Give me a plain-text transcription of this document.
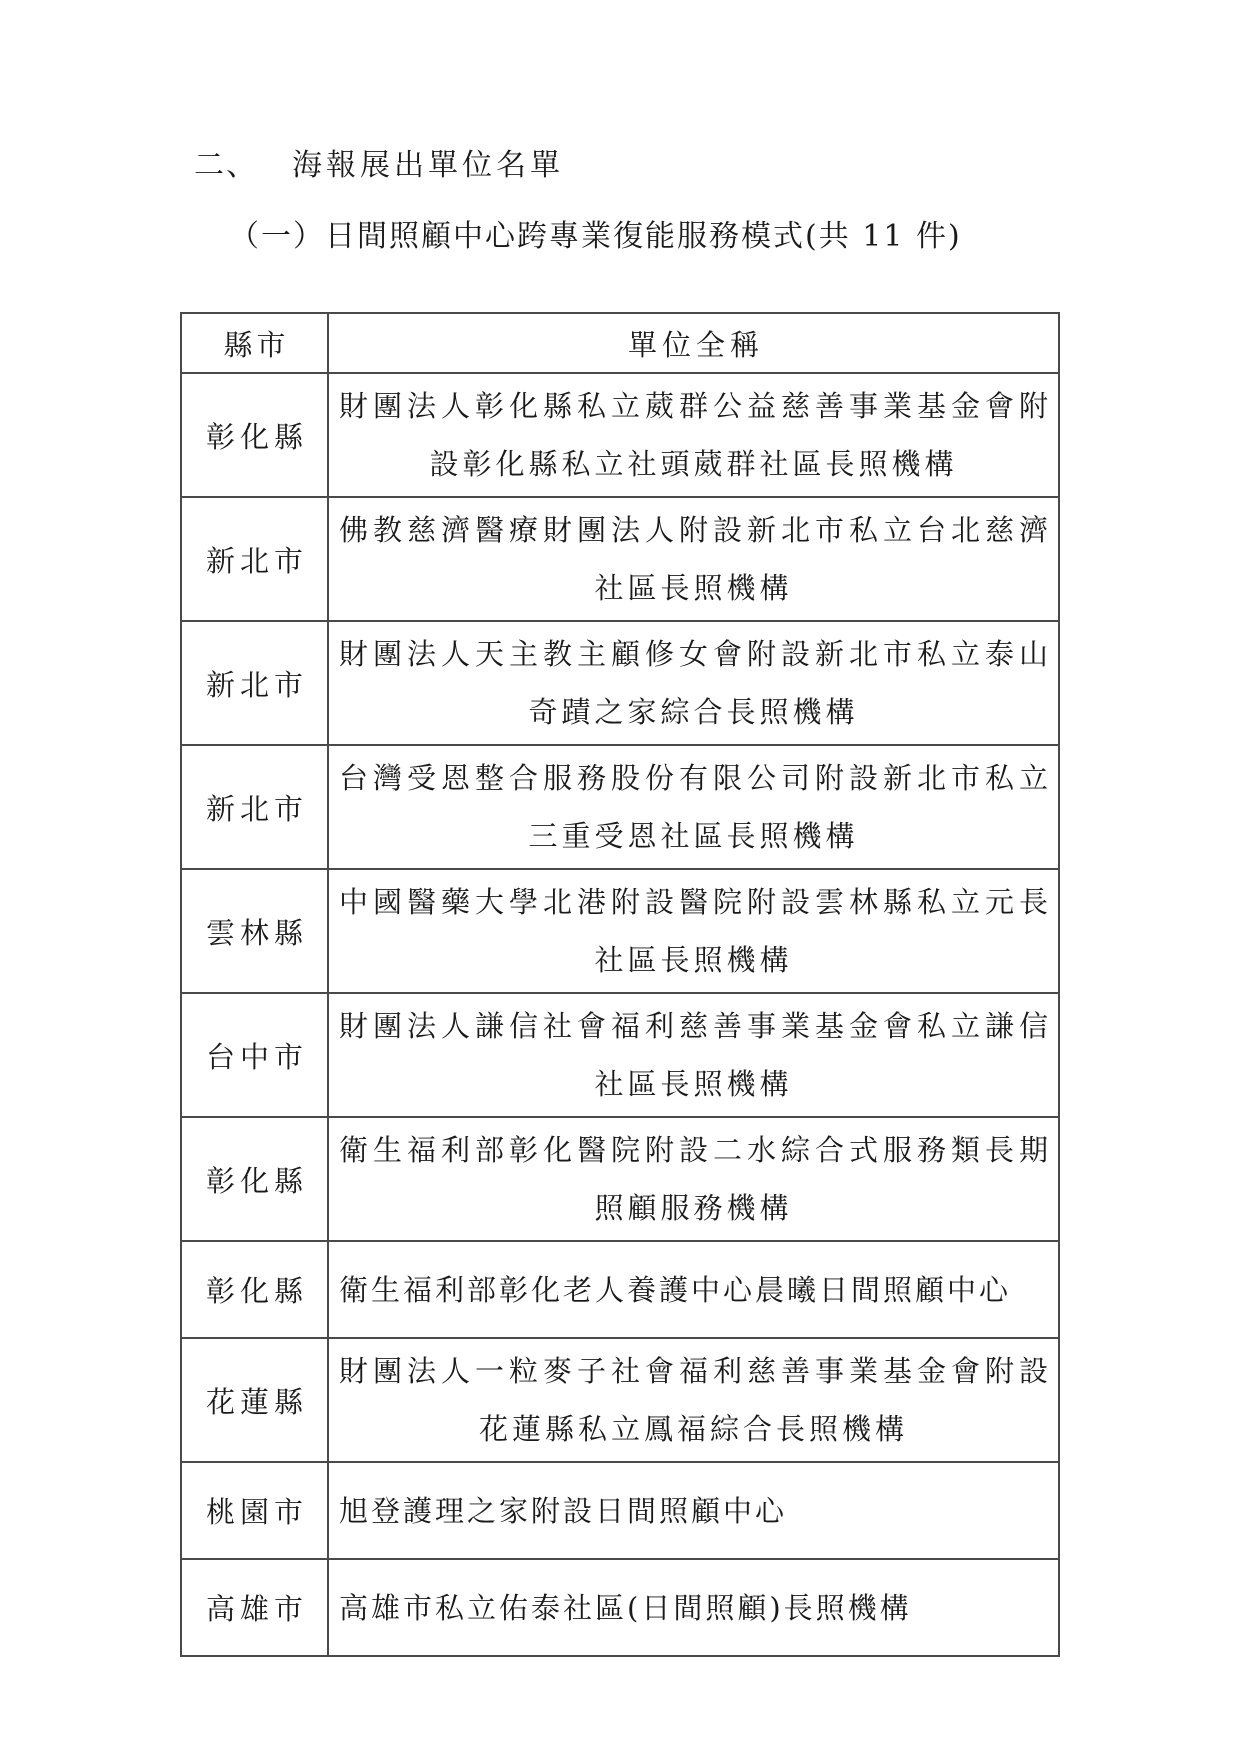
二、 海報展出單位名單
（一）日間照顧中心跨專業復能服務模式(共 11 件)
縣市	單位全稱
彰化縣	財團法人彰化縣私立葳群公益慈善事業基金會附
設彰化縣私立社頭葳群社區長照機構

新北市	佛教慈濟醫療財團法人附設新北市私立台北慈濟
社區長照機構

新北市	財團法人天主教主顧修女會附設新北市私立泰山
奇蹟之家綜合長照機構

新北市	台灣受恩整合服務股份有限公司附設新北市私立
三重受恩社區長照機構

雲林縣	中國醫藥大學北港附設醫院附設雲林縣私立元長
社區長照機構

台中市	財團法人謙信社會福利慈善事業基金會私立謙信
社區長照機構

彰化縣	衛生福利部彰化醫院附設二水綜合式服務類長期
照顧服務機構

彰化縣	衛生福利部彰化老人養護中心晨曦日間照顧中心

花蓮縣	財團法人一粒麥子社會福利慈善事業基金會附設
花蓮縣私立鳳福綜合長照機構

桃園市	旭登護理之家附設日間照顧中心

高雄市	高雄市私立佑泰社區(日間照顧)長照機構
